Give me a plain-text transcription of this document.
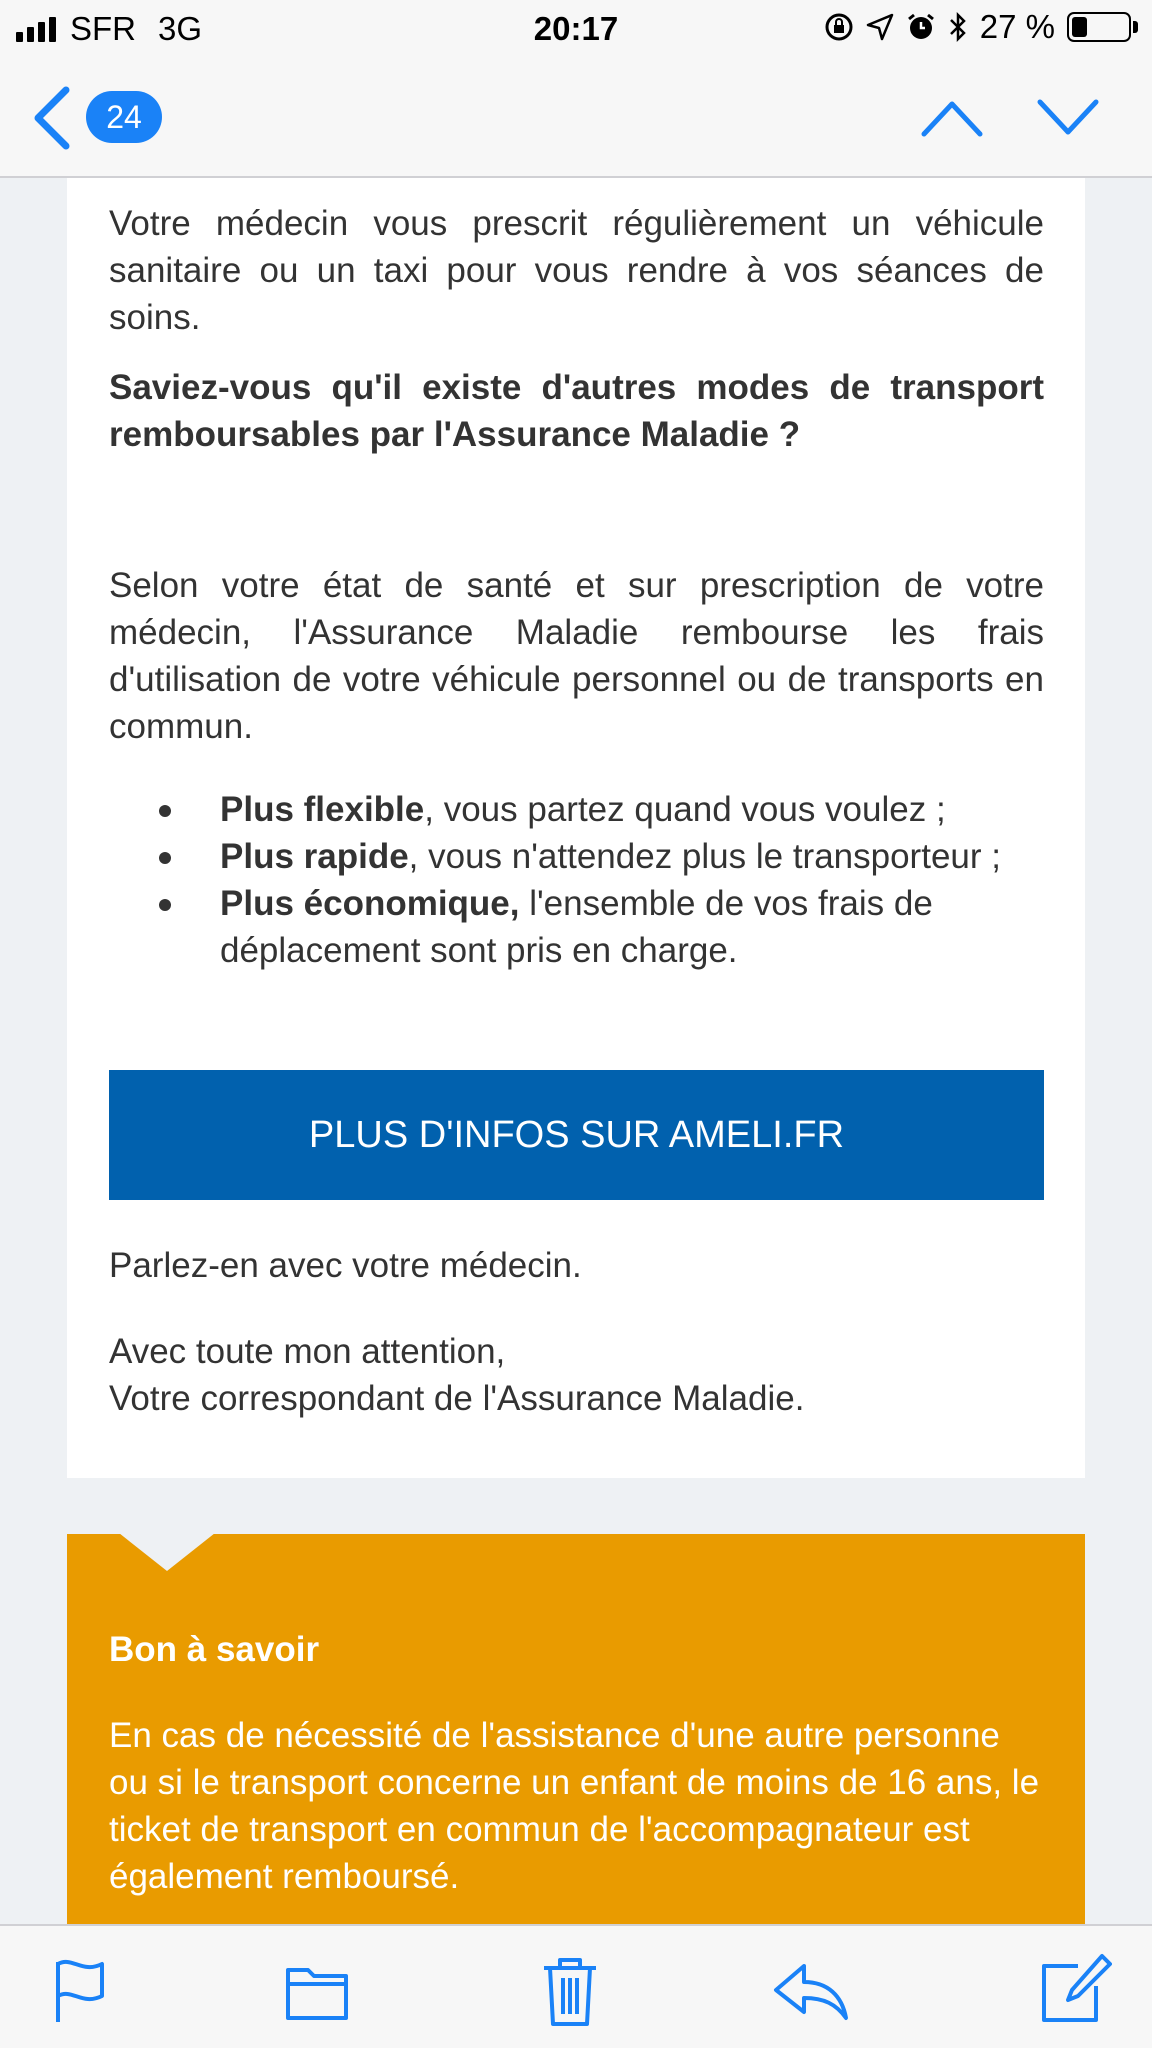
SFR 3G	20:17	27 %
24

Votre médecin vous prescrit régulièrement un véhicule sanitaire ou un taxi pour vous rendre à vos séances de soins.

Saviez-vous qu'il existe d'autres modes de transport remboursables par l'Assurance Maladie ?

Selon votre état de santé et sur prescription de votre médecin, l'Assurance Maladie rembourse les frais d'utilisation de votre véhicule personnel ou de transports en commun.

Plus flexible, vous partez quand vous voulez ;
Plus rapide, vous n'attendez plus le transporteur ;
Plus économique, l'ensemble de vos frais de déplacement sont pris en charge.
PLUS D'INFOS SUR AMELI.FR

Parlez-en avec votre médecin.

Avec toute mon attention,

Votre correspondant de l'Assurance Maladie.

Bon à savoir

En cas de nécessité de l'assistance d'une autre personne ou si le transport concerne un enfant de moins de 16 ans, le ticket de transport en commun de l'accompagnateur est également remboursé.
